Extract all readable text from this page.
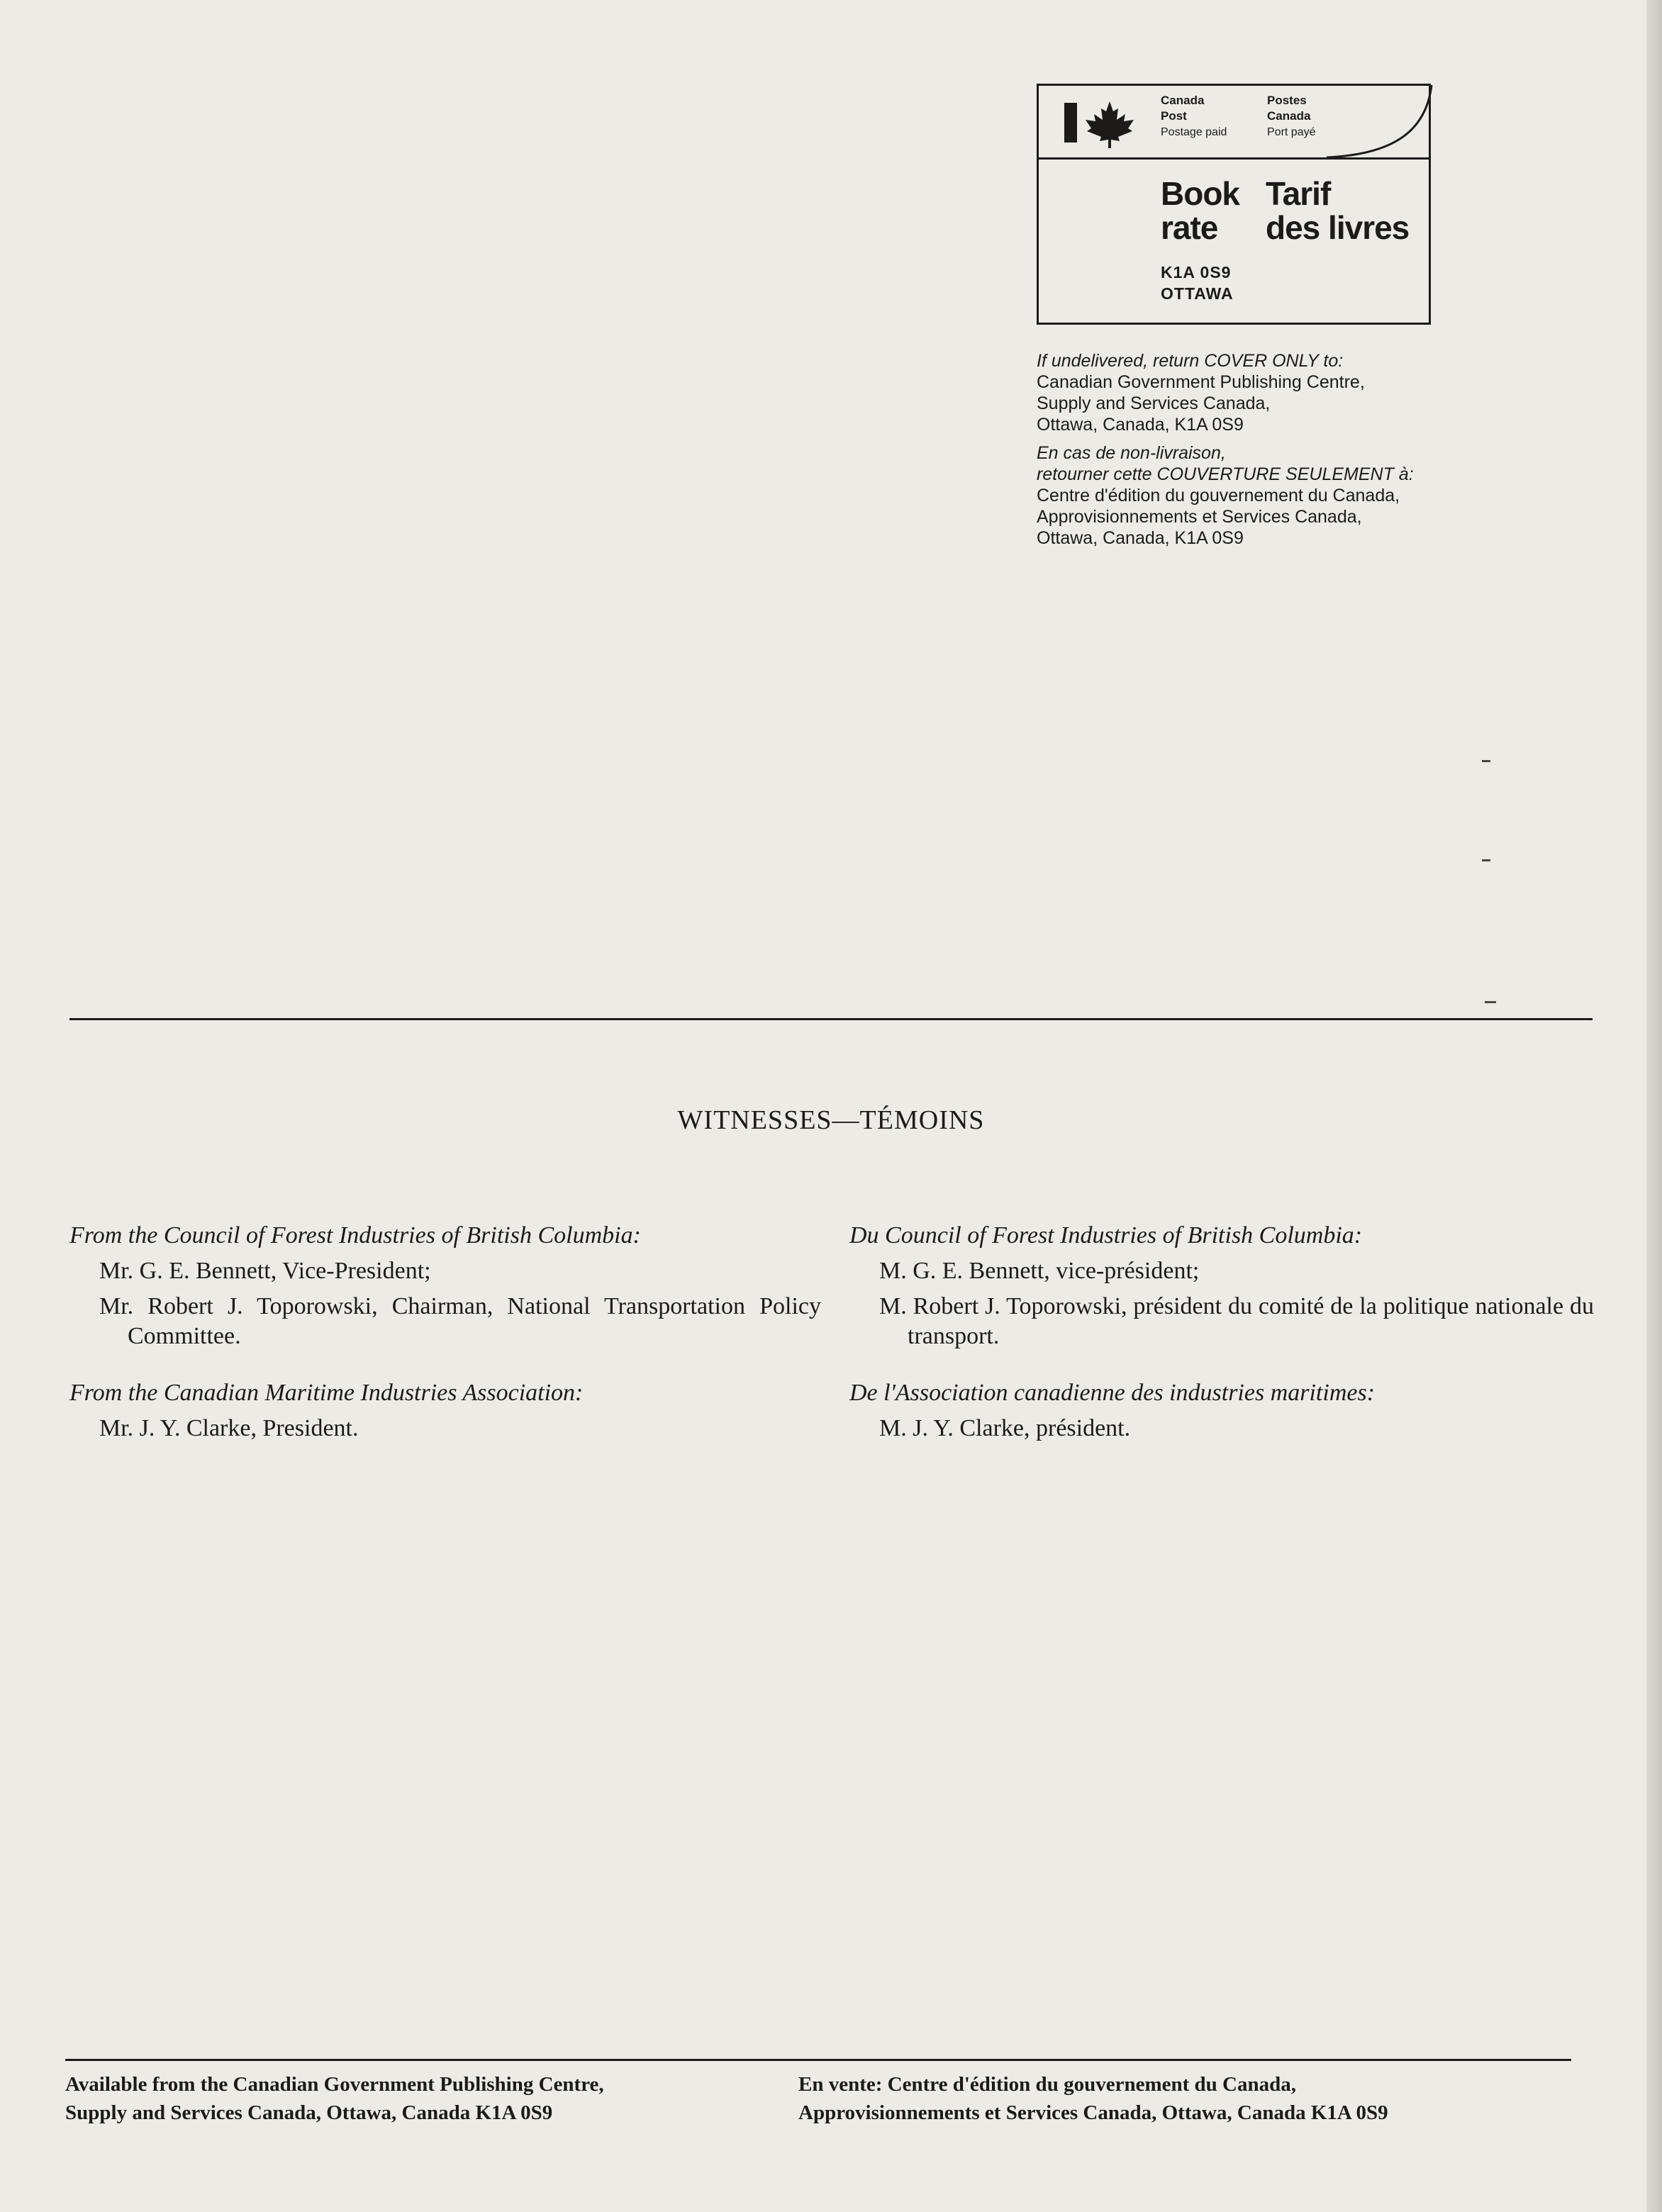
Canada
Post
Postage paid
Postes
Canada
Port payé
Book
rate
Tarif
des livres
K1A 0S9
OTTAWA

If undelivered, return COVER ONLY to:

Canadian Government Publishing Centre,

Supply and Services Canada,

Ottawa, Canada, K1A 0S9

En cas de non-livraison,

retourner cette COUVERTURE SEULEMENT à:

Centre d'édition du gouvernement du Canada,

Approvisionnements et Services Canada,

Ottawa, Canada, K1A 0S9

WITNESSES—TÉMOINS

From the Council of Forest Industries of British Columbia:

Mr. G. E. Bennett, Vice-President;

Mr. Robert J. Toporowski, Chairman, National Transportation Policy Committee.

From the Canadian Maritime Industries Association:

Mr. J. Y. Clarke, President.

Du Council of Forest Industries of British Columbia:

M. G. E. Bennett, vice-président;

M. Robert J. Toporowski, président du comité de la politique nationale du transport.

De l'Association canadienne des industries maritimes:

M. J. Y. Clarke, président.

Available from the Canadian Government Publishing Centre,
Supply and Services Canada, Ottawa, Canada K1A 0S9
En vente: Centre d'édition du gouvernement du Canada,
Approvisionnements et Services Canada, Ottawa, Canada K1A 0S9
